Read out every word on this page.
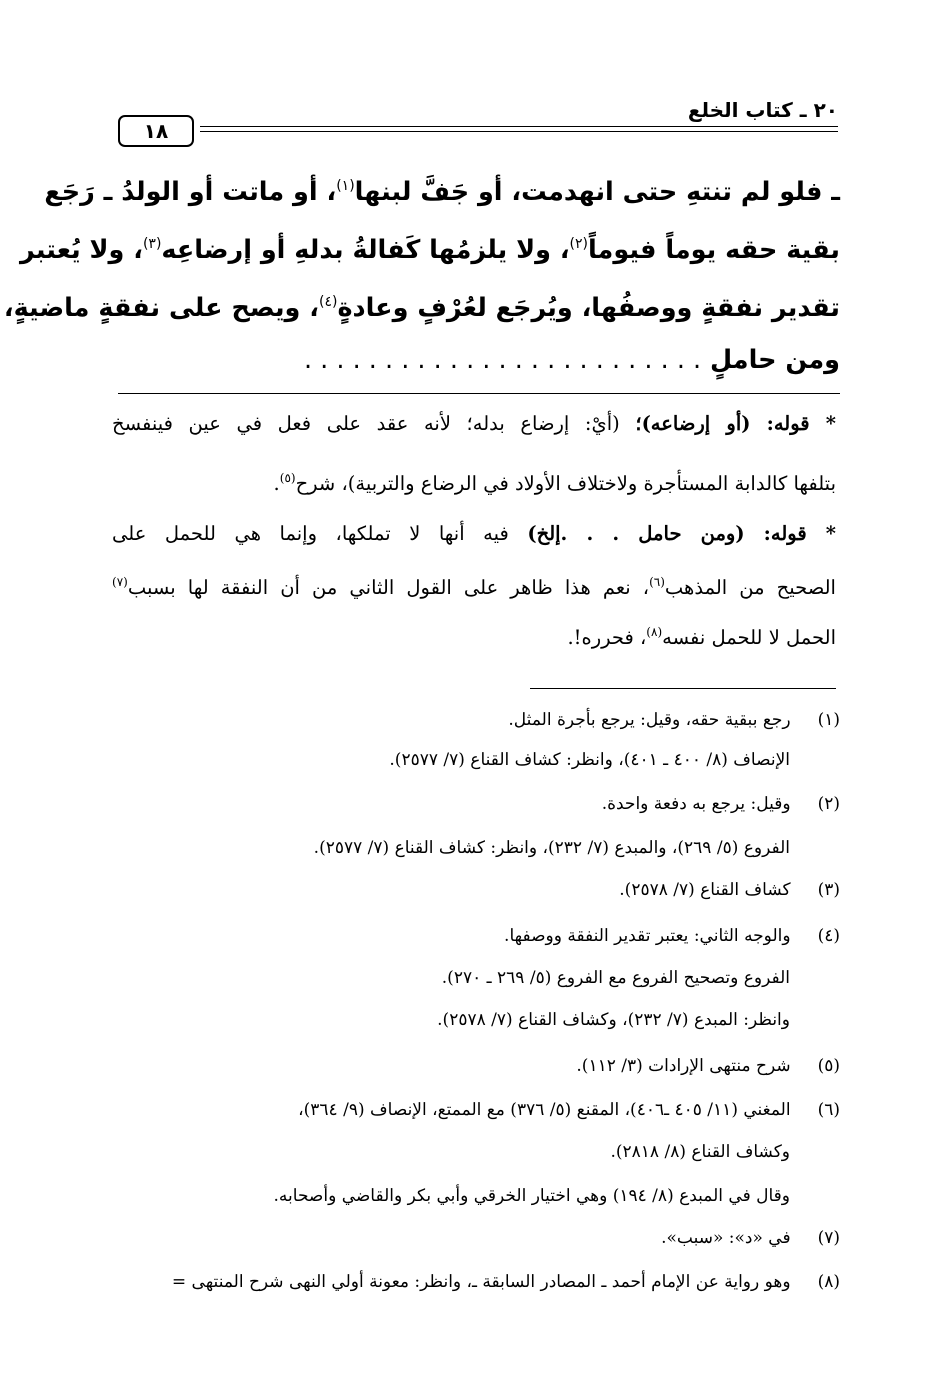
٢٠ ـ كتاب الخلع
١٨
ـ فلو لم تنتهِ حتى انهدمت، أو جَفَّ لبنها$^{(١)}$، أو ماتت أو الولدُ ـ رَجَع
بقية حقه يوماً فيوماً$^{(٢)}$، ولا يلزمُها كَفالةُ بدلهِ أو إرضاعِه$^{(٣)}$، ولا يُعتبر
تقدير نفقةٍ ووصفُها، ويُرجَع لعُرْفٍ وعادةٍ$^{(٤)}$، ويصح على نفقةٍ ماضيةٍ،
ومن حاملٍ . . . . . . . . . . . . . . . . . . . . . . . . .
* قوله: (أو إرضاعه)؛ (أيْ: إرضاع بدله؛ لأنه عقد على فعل في عين فينفسخ
بتلفها كالدابة المستأجرة ولاختلاف الأولاد في الرضاع والتربية)، شرح$^{(٥)}$.
* قوله: (ومن حامل . . .إلخ) فيه أنها لا تملكها، وإنما هي للحمل على
الصحيح من المذهب$^{(٦)}$، نعم هذا ظاهر على القول الثاني من أن النفقة لها بسبب$^{(٧)}$
الحمل لا للحمل نفسه$^{(٨)}$، فحرره!.
(١) رجع ببقية حقه، وقيل: يرجع بأجرة المثل.
الإنصاف (٨/ ٤٠٠ ـ ٤٠١)، وانظر: كشاف القناع (٧/ ٢٥٧٧).
(٢) وقيل: يرجع به دفعة واحدة.
الفروع (٥/ ٢٦٩)، والمبدع (٧/ ٢٣٢)، وانظر: كشاف القناع (٧/ ٢٥٧٧).
(٣) كشاف القناع (٧/ ٢٥٧٨).
(٤) والوجه الثاني: يعتبر تقدير النفقة ووصفها.
الفروع وتصحيح الفروع مع الفروع (٥/ ٢٦٩ ـ ٢٧٠).
وانظر: المبدع (٧/ ٢٣٢)، وكشاف القناع (٧/ ٢٥٧٨).
(٥) شرح منتهى الإرادات (٣/ ١١٢).
(٦) المغني (١١/ ٤٠٥ ـ٤٠٦)، المقنع (٥/ ٣٧٦) مع الممتع، الإنصاف (٩/ ٣٦٤)،
وكشاف القناع (٨/ ٢٨١٨).
وقال في المبدع (٨/ ١٩٤) وهي اختيار الخرقي وأبي بكر والقاضي وأصحابه.
(٧) في «د»: «سبب».
(٨) وهو رواية عن الإمام أحمد ـ المصادر السابقة ـ، وانظر: معونة أولي النهى شرح المنتهى =
